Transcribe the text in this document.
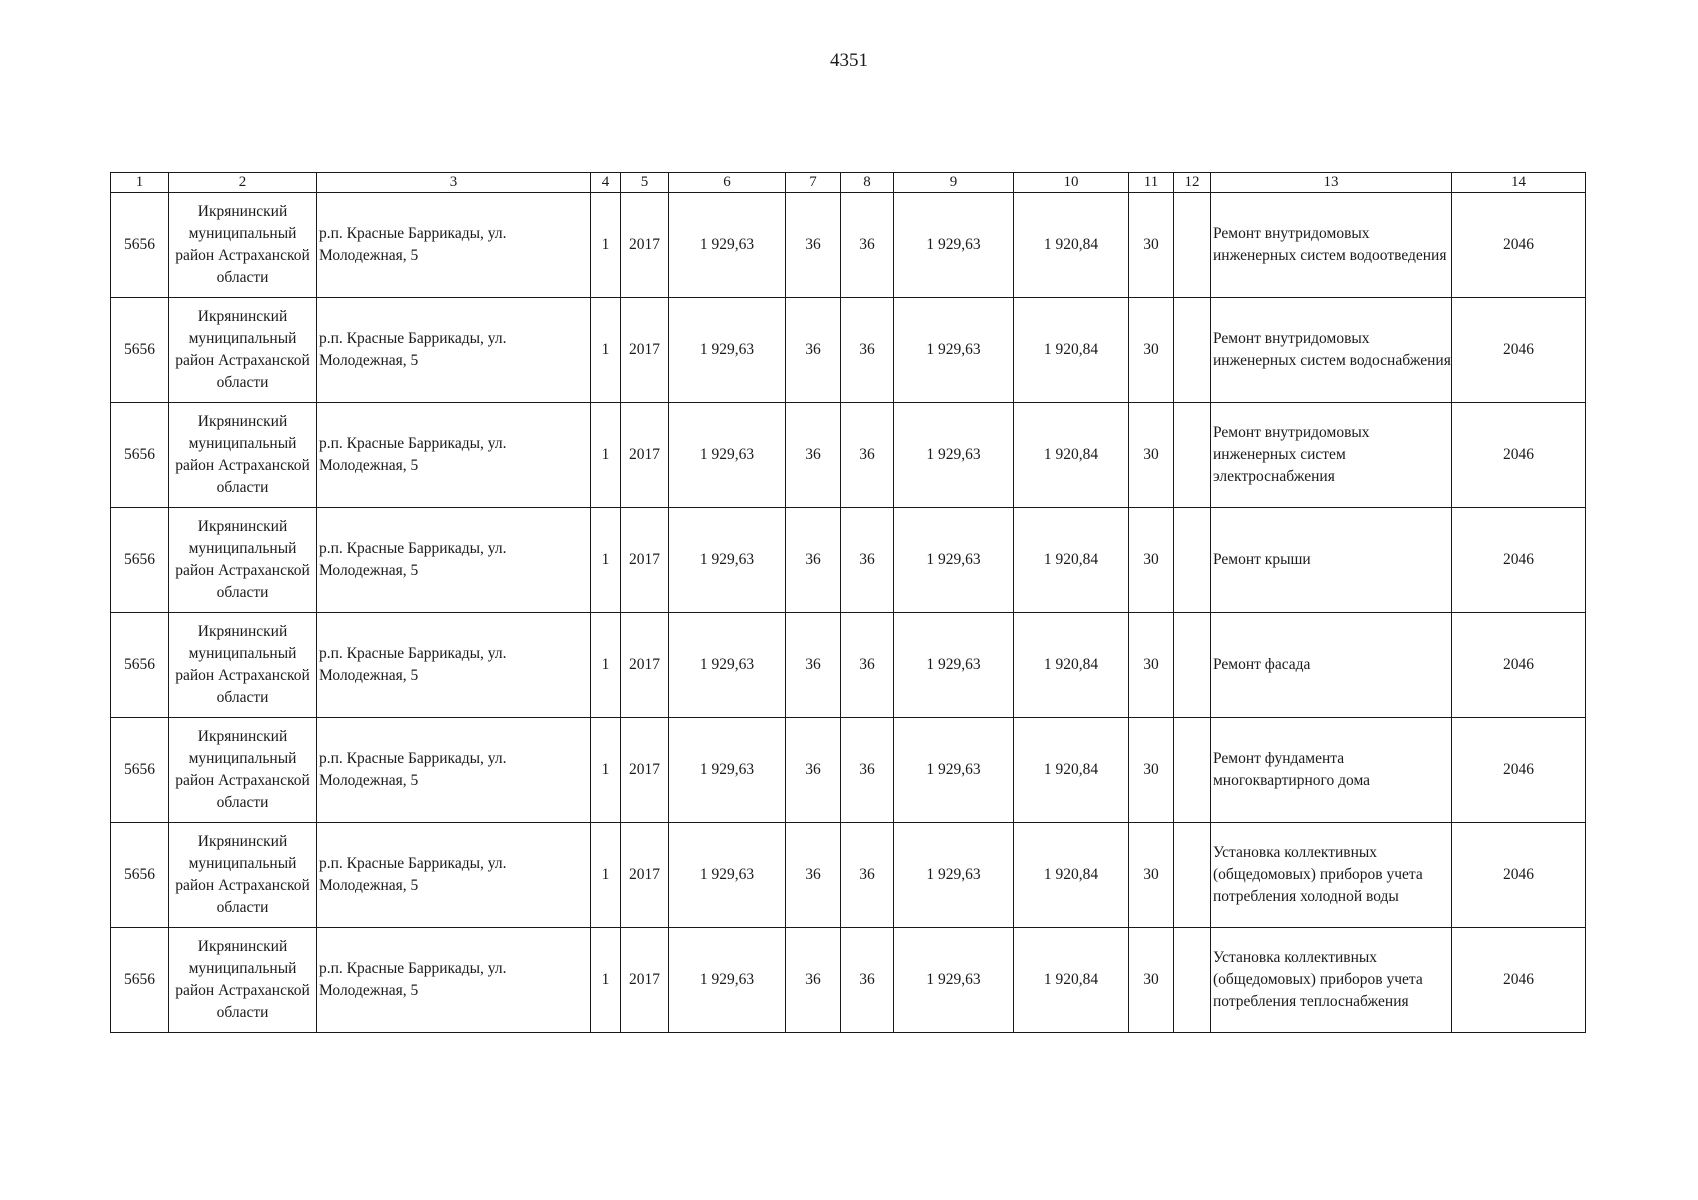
4351
1	2	3	4	5	6	7	8	9	10	11	12	13	14
5656	Икрянинский муниципальный район Астраханской области	р.п. Красные Баррикады, ул. Молодежная, 5	1	2017	1 929,63	36	36	1 929,63	1 920,84	30		Ремонт внутридомовых инженерных систем водоотведения	2046
5656	Икрянинский муниципальный район Астраханской области	р.п. Красные Баррикады, ул. Молодежная, 5	1	2017	1 929,63	36	36	1 929,63	1 920,84	30		Ремонт внутридомовых инженерных систем водоснабжения	2046
5656	Икрянинский муниципальный район Астраханской области	р.п. Красные Баррикады, ул. Молодежная, 5	1	2017	1 929,63	36	36	1 929,63	1 920,84	30		Ремонт внутридомовых инженерных систем электроснабжения	2046
5656	Икрянинский муниципальный район Астраханской области	р.п. Красные Баррикады, ул. Молодежная, 5	1	2017	1 929,63	36	36	1 929,63	1 920,84	30		Ремонт крыши	2046
5656	Икрянинский муниципальный район Астраханской области	р.п. Красные Баррикады, ул. Молодежная, 5	1	2017	1 929,63	36	36	1 929,63	1 920,84	30		Ремонт фасада	2046
5656	Икрянинский муниципальный район Астраханской области	р.п. Красные Баррикады, ул. Молодежная, 5	1	2017	1 929,63	36	36	1 929,63	1 920,84	30		Ремонт фундамента многоквартирного дома	2046
5656	Икрянинский муниципальный район Астраханской области	р.п. Красные Баррикады, ул. Молодежная, 5	1	2017	1 929,63	36	36	1 929,63	1 920,84	30		Установка коллективных (общедомовых) приборов учета потребления холодной воды	2046
5656	Икрянинский муниципальный район Астраханской области	р.п. Красные Баррикады, ул. Молодежная, 5	1	2017	1 929,63	36	36	1 929,63	1 920,84	30		Установка коллективных (общедомовых) приборов учета потребления теплоснабжения	2046
